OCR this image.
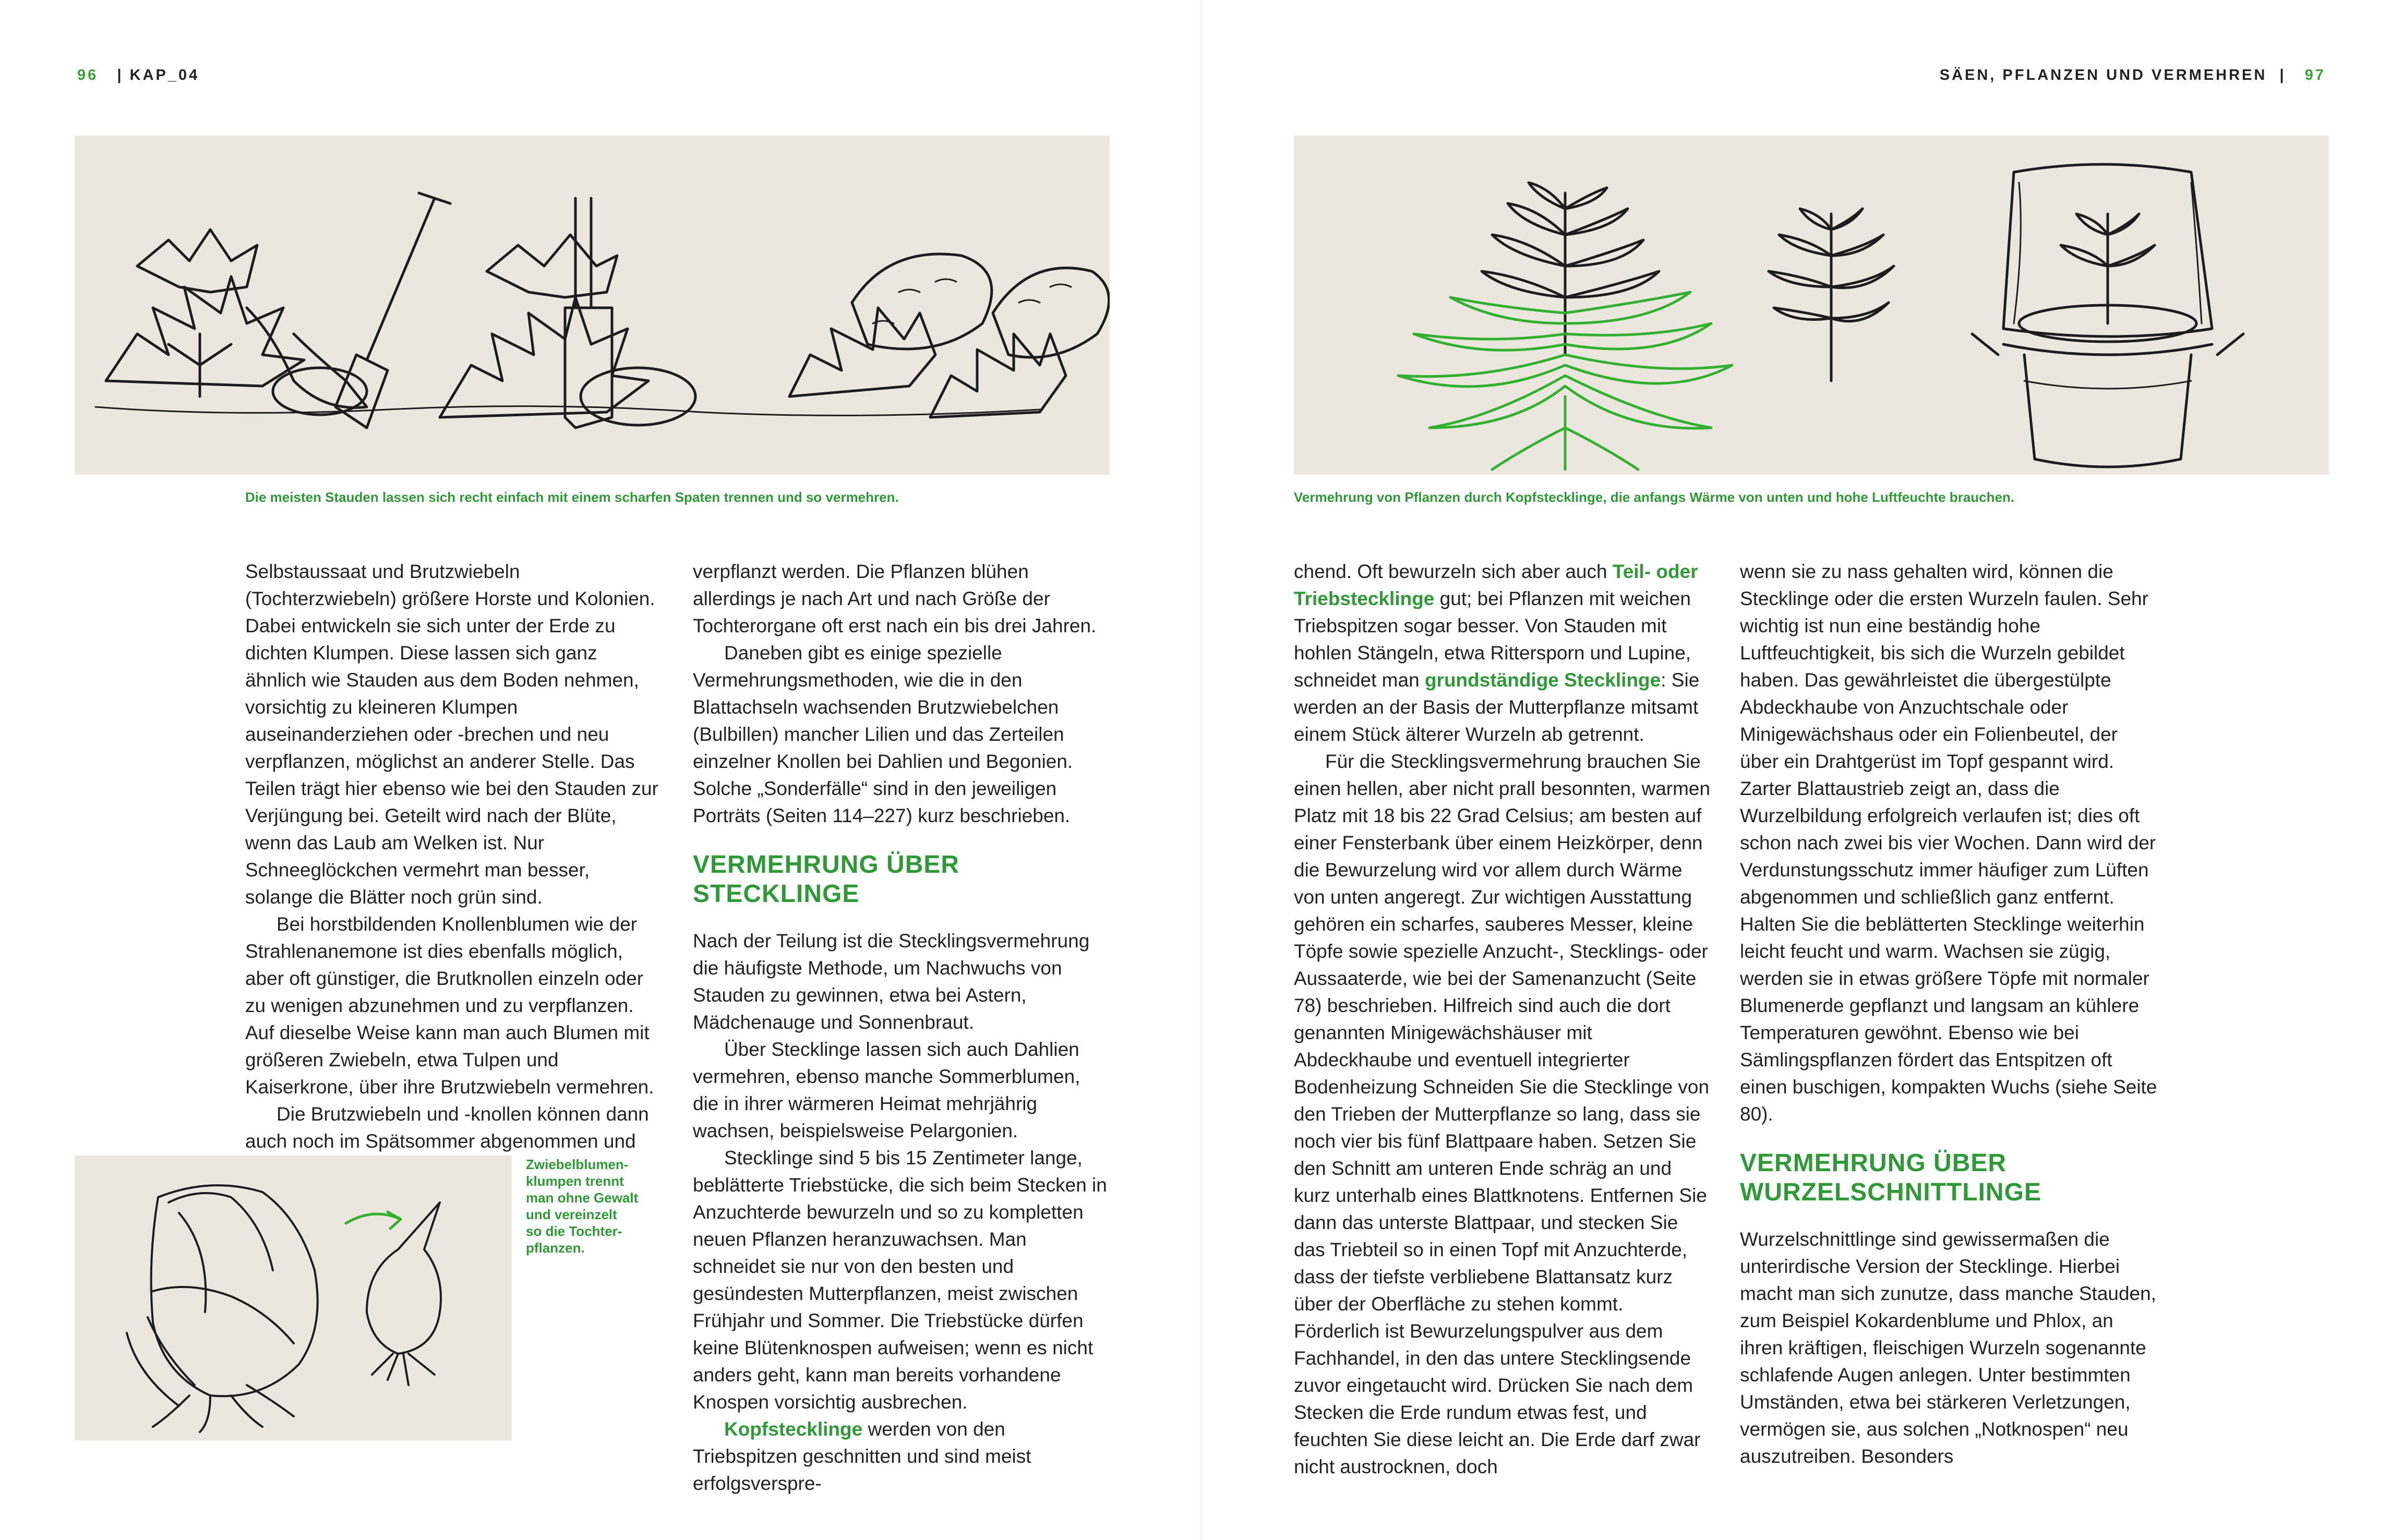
96   | KAP_04	SÄEN, PFLANZEN UND VERMEHREN  |   97
Die meisten Stauden lassen sich recht einfach mit einem scharfen Spaten trennen und so vermehren.	Vermehrung von Pflanzen durch Kopfstecklinge, die anfangs Wärme von unten und hohe Luftfeuchte brauchen.
Zwiebelblumen-
klumpen trennt
man ohne Gewalt
und vereinzelt
so die Tochter-
pflanzen.

Selbstaussaat und Brutzwiebeln (Tochterzwiebeln) größere Horste und Kolonien. Dabei entwickeln sie sich unter der Erde zu dichten Klumpen. Diese lassen sich ganz ähnlich wie Stauden aus dem Boden nehmen, vorsichtig zu kleineren Klumpen auseinanderziehen oder -brechen und neu verpflanzen, möglichst an anderer Stelle. Das Teilen trägt hier ebenso wie bei den Stauden zur Verjüngung bei. Geteilt wird nach der Blüte, wenn das Laub am Welken ist. Nur Schneeglöckchen vermehrt man besser, solange die Blätter noch grün sind.

Bei horstbildenden Knollenblumen wie der Strahlenanemone ist dies ebenfalls möglich, aber oft günstiger, die Brutknollen einzeln oder zu wenigen abzunehmen und zu verpflanzen. Auf dieselbe Weise kann man auch Blumen mit größeren Zwiebeln, etwa Tulpen und Kaiserkrone, über ihre Brutzwiebeln vermehren.

Die Brutzwiebeln und -knollen können dann auch noch im Spätsommer abgenommen und

verpflanzt werden. Die Pflanzen blühen allerdings je nach Art und nach Größe der Tochterorgane oft erst nach ein bis drei Jahren.

Daneben gibt es einige spezielle Vermehrungsmethoden, wie die in den Blattachseln wachsenden Brutzwiebelchen (Bulbillen) mancher Lilien und das Zerteilen einzelner Knollen bei Dahlien und Begonien. Solche „Sonderfälle“ sind in den jeweiligen Porträts (Seiten 114–227) kurz beschrieben.

VERMEHRUNG ÜBER STECKLINGE

Nach der Teilung ist die Stecklingsvermehrung die häufigste Methode, um Nachwuchs von Stauden zu gewinnen, etwa bei Astern, Mädchenauge und Sonnenbraut.

Über Stecklinge lassen sich auch Dahlien vermehren, ebenso manche Sommerblumen, die in ihrer wärmeren Heimat mehrjährig wachsen, beispielsweise Pelargonien.

Stecklinge sind 5 bis 15 Zentimeter lange, beblätterte Triebstücke, die sich beim Stecken in Anzuchterde bewurzeln und so zu kompletten neuen Pflanzen heranzuwachsen. Man schneidet sie nur von den besten und gesündesten Mutterpflanzen, meist zwischen Frühjahr und Sommer. Die Triebstücke dürfen keine Blütenknospen aufweisen; wenn es nicht anders geht, kann man bereits vorhandene Knospen vorsichtig ausbrechen.

Kopfstecklinge werden von den Triebspitzen geschnitten und sind meist erfolgsverspre-

chend. Oft bewurzeln sich aber auch Teil- oder Triebstecklinge gut; bei Pflanzen mit weichen Triebspitzen sogar besser. Von Stauden mit hohlen Stängeln, etwa Rittersporn und Lupine, schneidet man grundständige Stecklinge: Sie werden an der Basis der Mutterpflanze mitsamt einem Stück älterer Wurzeln ab getrennt.

Für die Stecklingsvermehrung brauchen Sie einen hellen, aber nicht prall besonnten, warmen Platz mit 18 bis 22 Grad Celsius; am besten auf einer Fensterbank über einem Heizkörper, denn die Bewurzelung wird vor allem durch Wärme von unten angeregt. Zur wichtigen Ausstattung gehören ein scharfes, sauberes Messer, kleine Töpfe sowie spezielle Anzucht-, Stecklings- oder Aussaaterde, wie bei der Samenanzucht (Seite 78) beschrieben. Hilfreich sind auch die dort genannten Minigewächshäuser mit Abdeckhaube und eventuell integrierter Bodenheizung Schneiden Sie die Stecklinge von den Trieben der Mutterpflanze so lang, dass sie noch vier bis fünf Blattpaare haben. Setzen Sie den Schnitt am unteren Ende schräg an und kurz unterhalb eines Blattknotens. Entfernen Sie dann das unterste Blattpaar, und stecken Sie das Triebteil so in einen Topf mit Anzuchterde, dass der tiefste verbliebene Blattansatz kurz über der Oberfläche zu stehen kommt. Förderlich ist Bewurzelungspulver aus dem Fachhandel, in den das untere Stecklingsende zuvor eingetaucht wird. Drücken Sie nach dem Stecken die Erde rundum etwas fest, und feuchten Sie diese leicht an. Die Erde darf zwar nicht austrocknen, doch

wenn sie zu nass gehalten wird, können die Stecklinge oder die ersten Wurzeln faulen. Sehr wichtig ist nun eine beständig hohe Luftfeuchtigkeit, bis sich die Wurzeln gebildet haben. Das gewährleistet die übergestülpte Abdeckhaube von Anzuchtschale oder Minigewächshaus oder ein Folienbeutel, der über ein Drahtgerüst im Topf gespannt wird. Zarter Blattaustrieb zeigt an, dass die Wurzelbildung erfolgreich verlaufen ist; dies oft schon nach zwei bis vier Wochen. Dann wird der Verdunstungsschutz immer häufiger zum Lüften abgenommen und schließlich ganz entfernt. Halten Sie die beblätterten Stecklinge weiterhin leicht feucht und warm. Wachsen sie zügig, werden sie in etwas größere Töpfe mit normaler Blumenerde gepflanzt und langsam an kühlere Temperaturen gewöhnt. Ebenso wie bei Sämlingspflanzen fördert das Entspitzen oft einen buschigen, kompakten Wuchs (siehe Seite 80).

VERMEHRUNG ÜBER WURZELSCHNITTLINGE

Wurzelschnittlinge sind gewissermaßen die unterirdische Version der Stecklinge. Hierbei macht man sich zunutze, dass manche Stauden, zum Beispiel Kokardenblume und Phlox, an ihren kräftigen, fleischigen Wurzeln sogenannte schlafende Augen anlegen. Unter bestimmten Umständen, etwa bei stärkeren Verletzungen, vermögen sie, aus solchen „Notknospen“ neu auszutreiben. Besonders
